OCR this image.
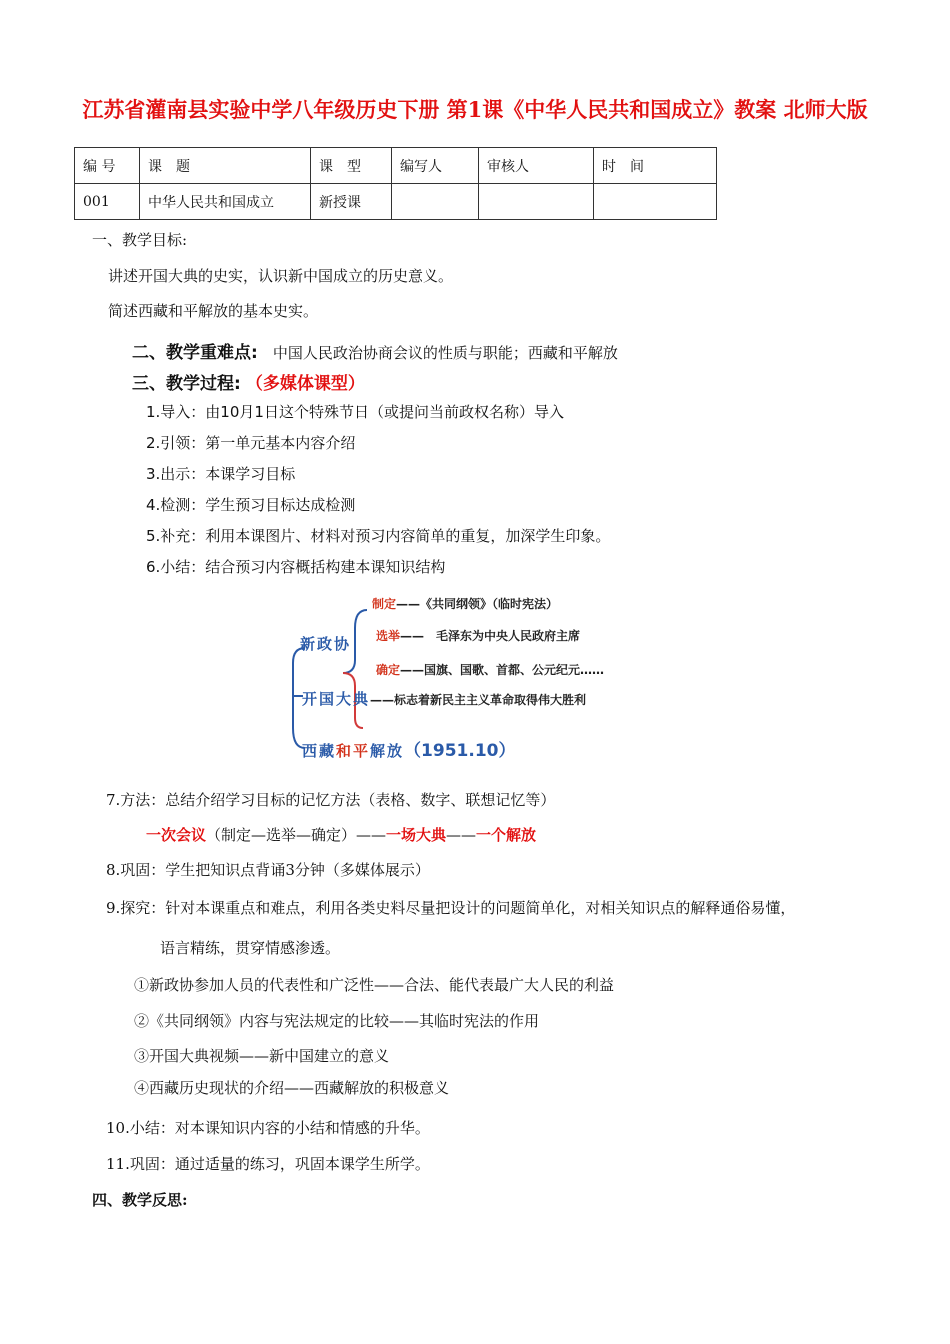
江苏省灌南县实验中学八年级历史下册 第1课《中华人民共和国成立》教案 北师大版
编 号	课　题	课　型	编写人	审核人	时　间
001	中华人民共和国成立	新授课			
一、教学目标:
讲述开国大典的史实，认识新中国成立的历史意义。
简述西藏和平解放的基本史实。
二、教学重难点: 中国人民政治协商会议的性质与职能；西藏和平解放
三、教学过程: （多媒体课型）
1.导入：由10月1日这个特殊节日（或提问当前政权名称）导入
2.引领：第一单元基本内容介绍
3.出示：本课学习目标
4.检测：学生预习目标达成检测
5.补充：利用本课图片、材料对预习内容简单的重复，加深学生印象。
6.小结：结合预习内容概括构建本课知识结构
新政协
制定——《共同纲领》（临时宪法）
选举——　毛泽东为中央人民政府主席
确定——国旗、国歌、首都、公元纪元……
开国大典——标志着新民主主义革命取得伟大胜利
西藏和平解放（1951.10）
7.方法：总结介绍学习目标的记忆方法（表格、数字、联想记忆等）
一次会议（制定—选举—确定）——一场大典——一个解放
8.巩固：学生把知识点背诵3分钟（多媒体展示）
9.探究：针对本课重点和难点，利用各类史料尽量把设计的问题简单化，对相关知识点的解释通俗易懂，
语言精练，贯穿情感渗透。
①新政协参加人员的代表性和广泛性——合法、能代表最广大人民的利益
②《共同纲领》内容与宪法规定的比较——其临时宪法的作用
③开国大典视频——新中国建立的意义
④西藏历史现状的介绍——西藏解放的积极意义
10.小结：对本课知识内容的小结和情感的升华。
11.巩固：通过适量的练习，巩固本课学生所学。
四、教学反思:
